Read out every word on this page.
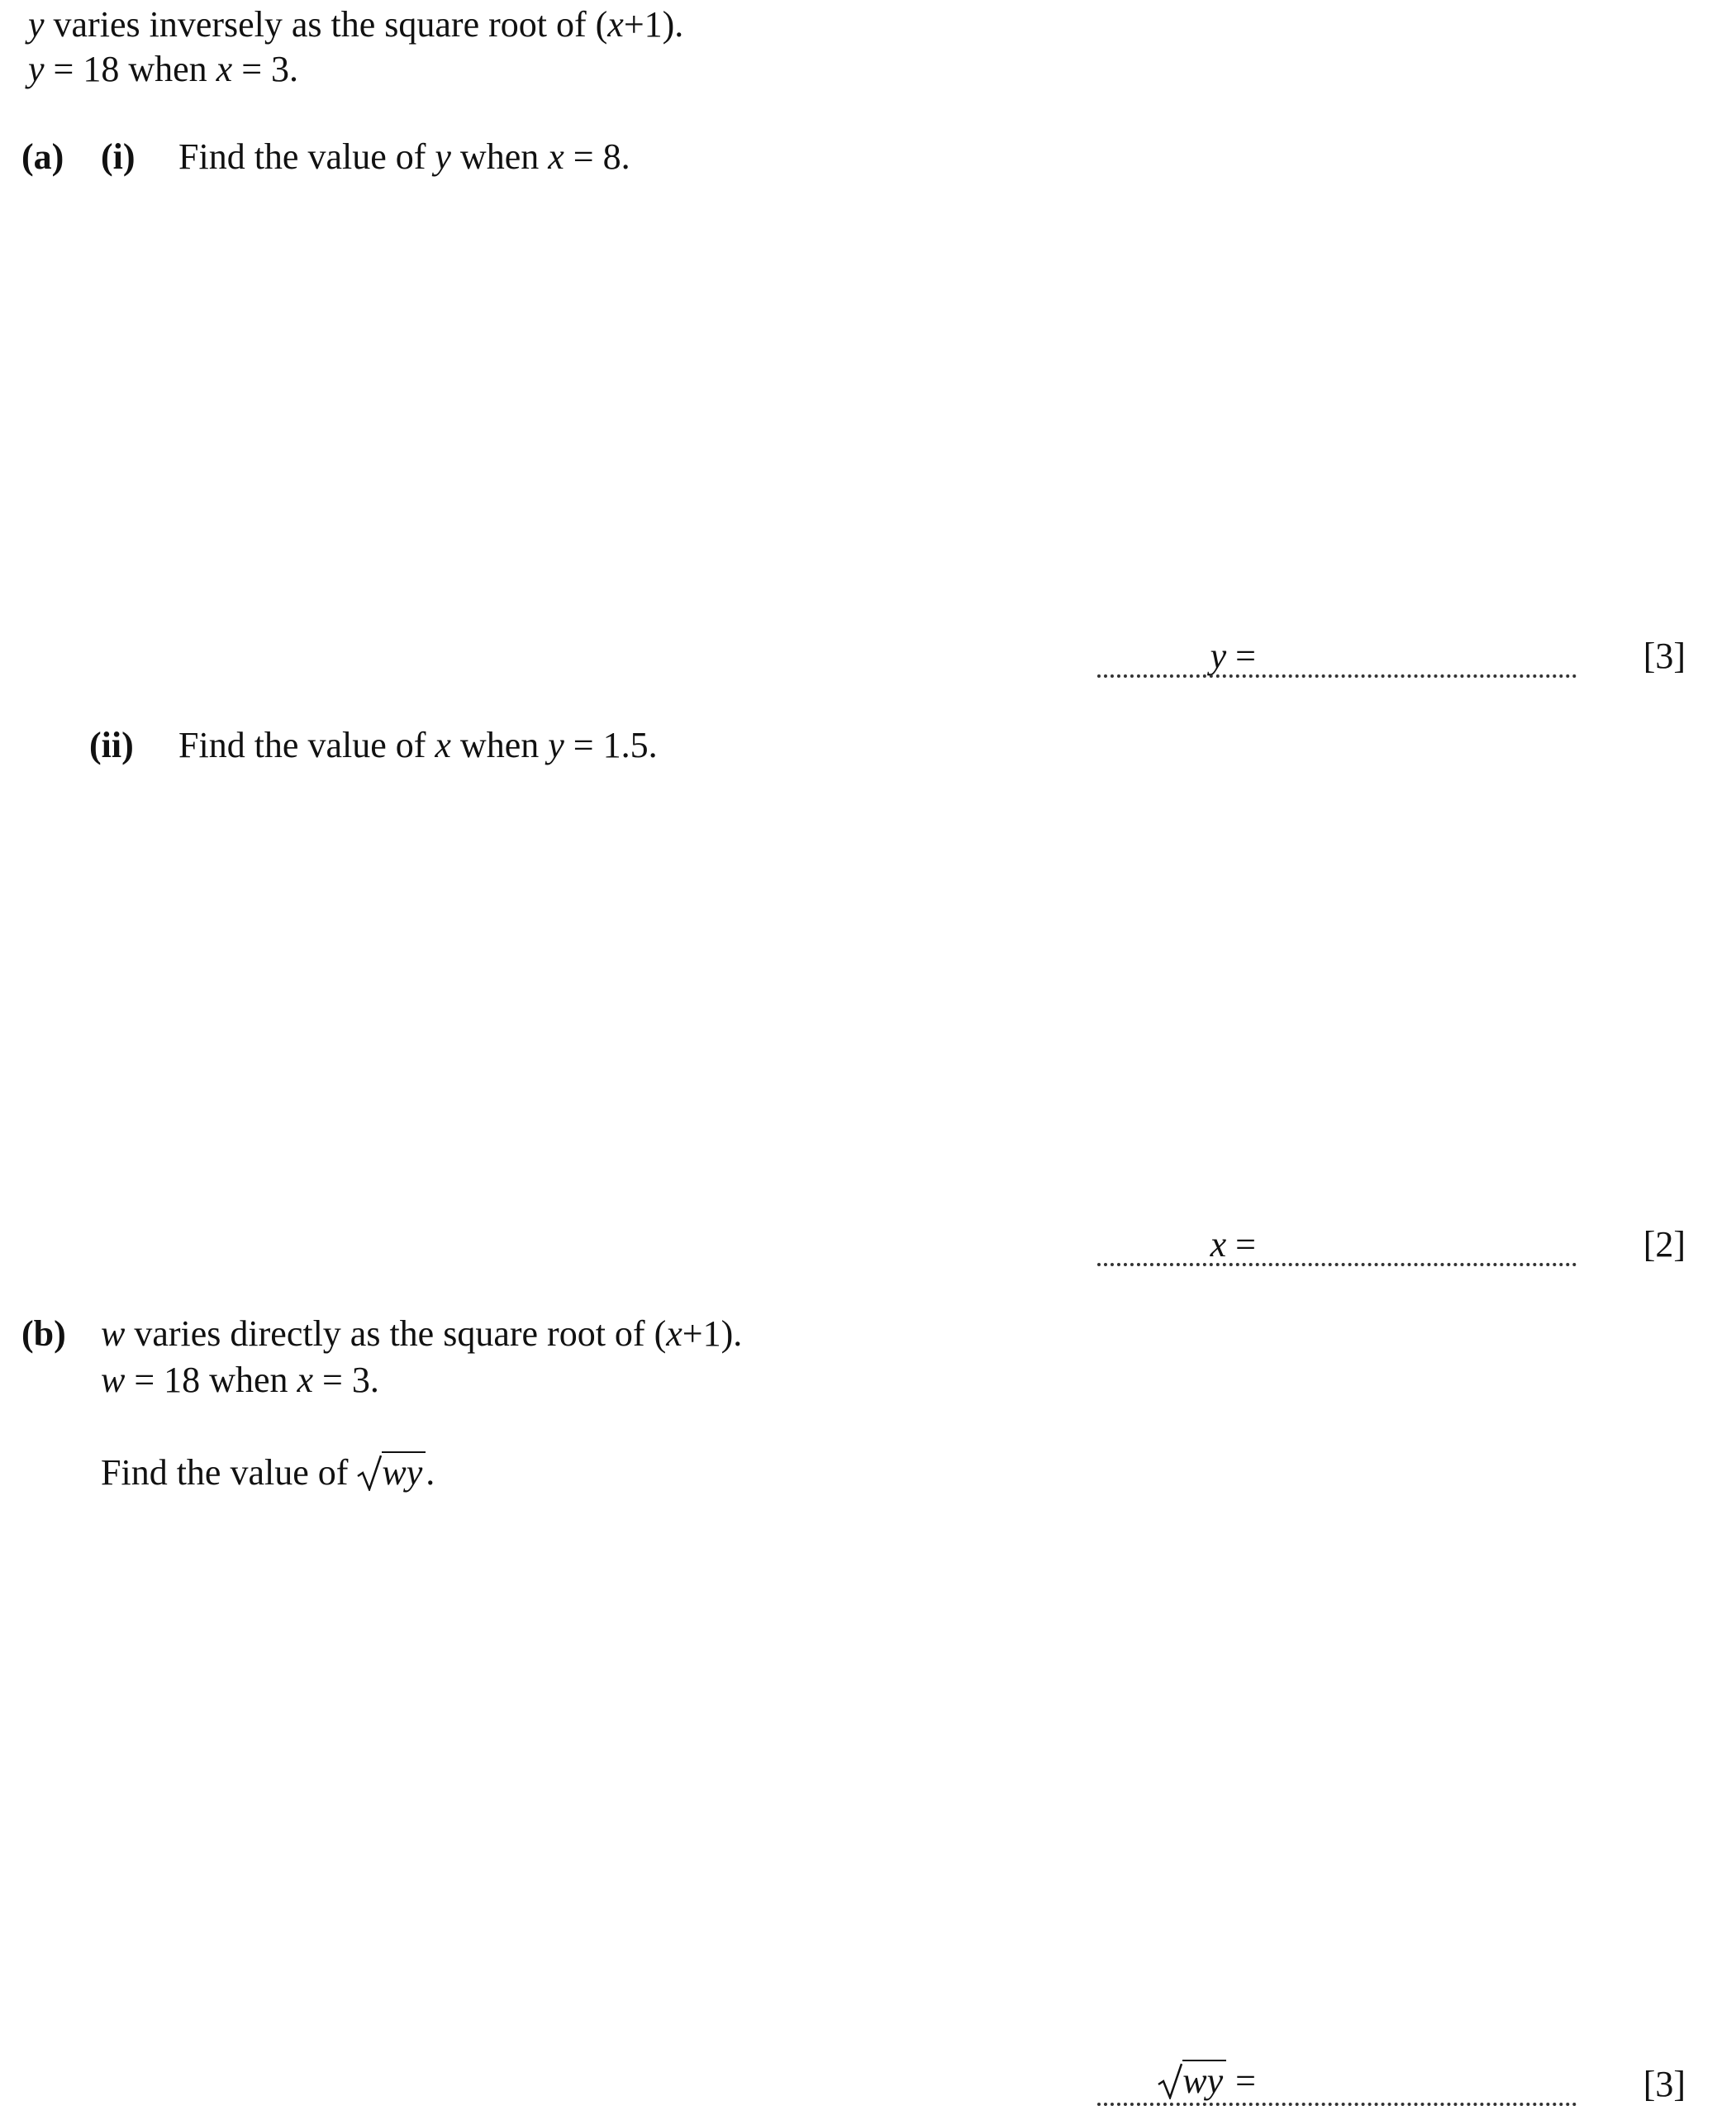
y varies inversely as the square root of (x+1).
y = 18 when x = 3.
(a) (i) Find the value of y when x = 8.
y =	[3]
(ii) Find the value of x when y = 1.5.
x =	[2]
(b) w varies directly as the square root of (x+1).
w = 18 when x = 3.
Find the value of
wy.
wy =	[3]
